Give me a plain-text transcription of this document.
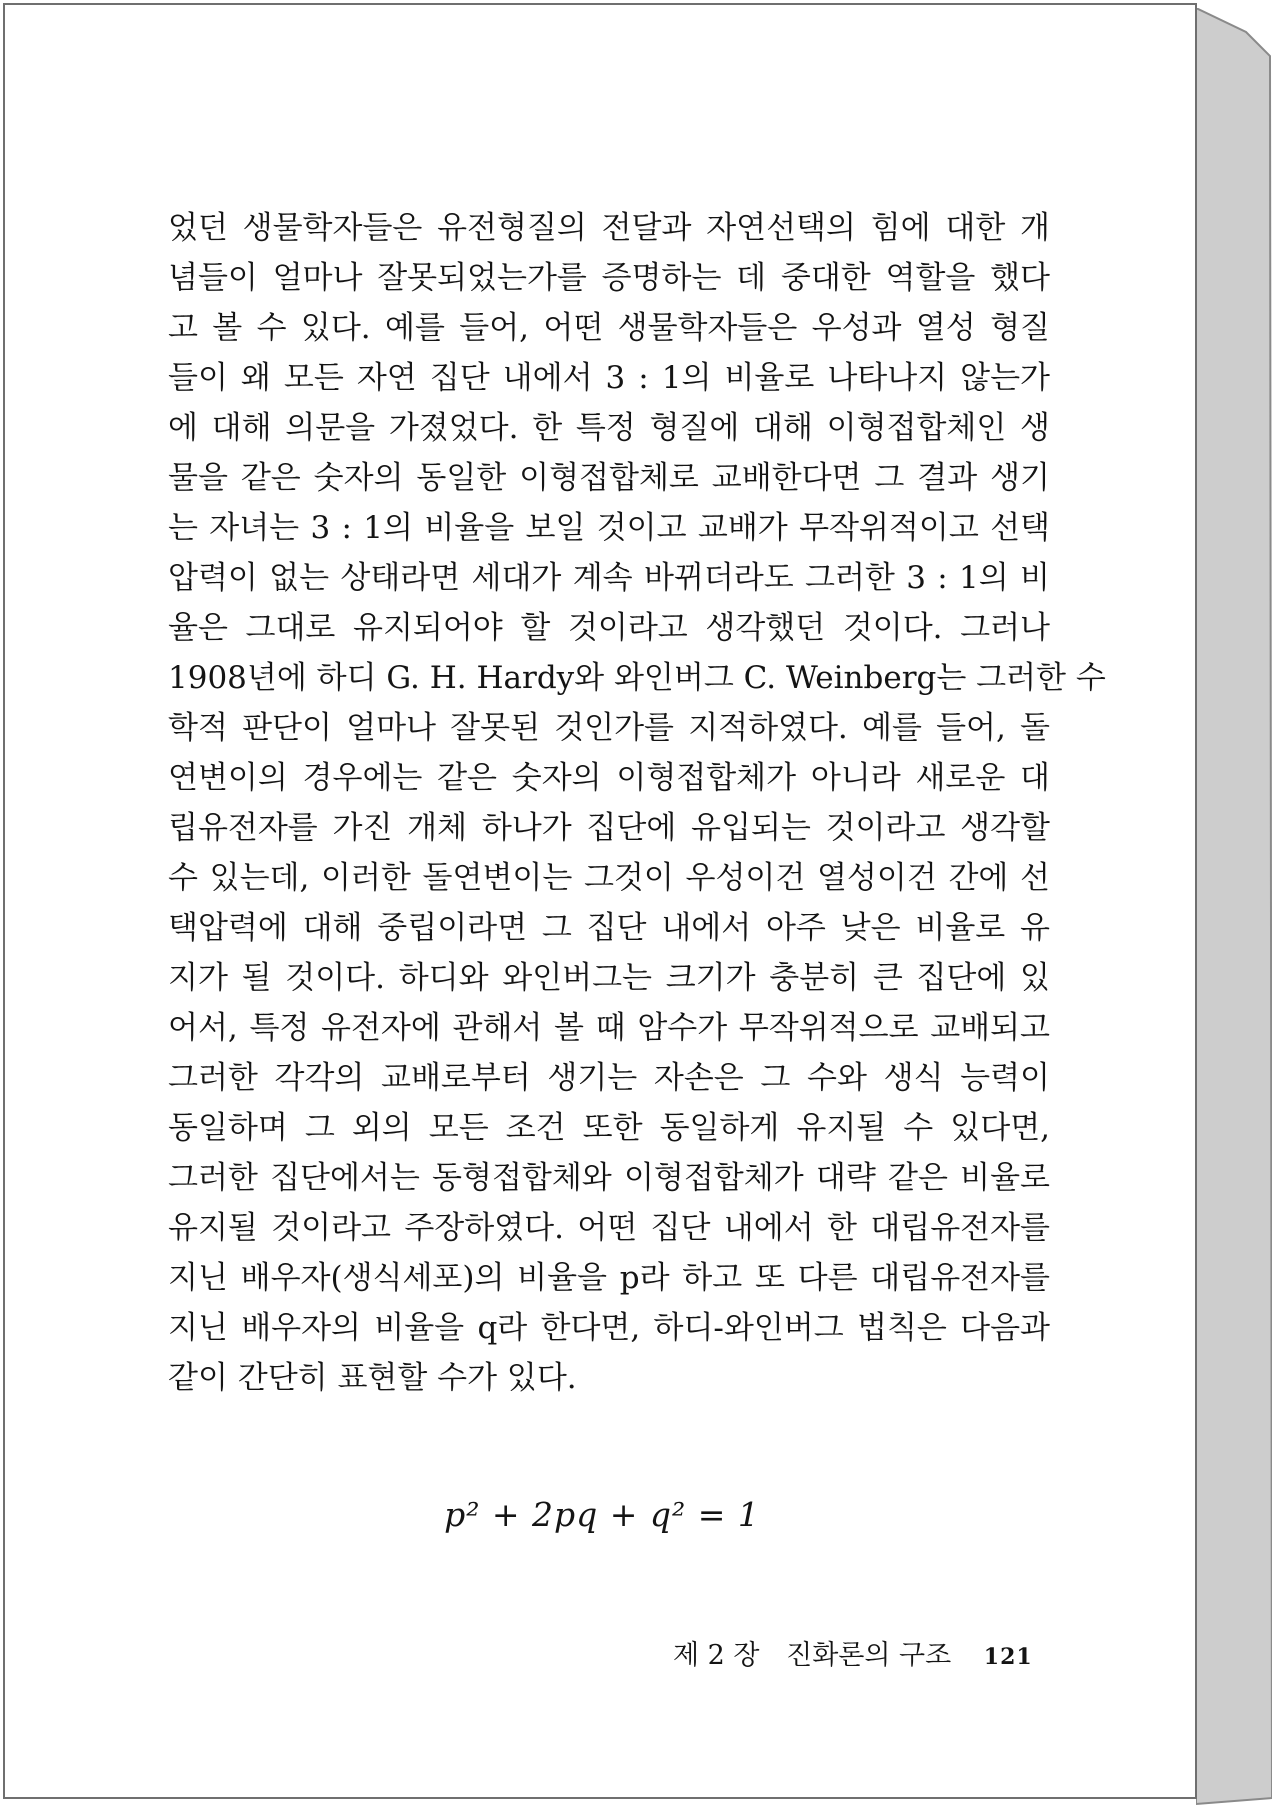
었던 생물학자들은 유전형질의 전달과 자연선택의 힘에 대한 개
념들이 얼마나 잘못되었는가를 증명하는 데 중대한 역할을 했다
고 볼 수 있다. 예를 들어, 어떤 생물학자들은 우성과 열성 형질
들이 왜 모든 자연 집단 내에서 3 : 1의 비율로 나타나지 않는가
에 대해 의문을 가졌었다. 한 특정 형질에 대해 이형접합체인 생
물을 같은 숫자의 동일한 이형접합체로 교배한다면 그 결과 생기
는 자녀는 3 : 1의 비율을 보일 것이고 교배가 무작위적이고 선택
압력이 없는 상태라면 세대가 계속 바뀌더라도 그러한 3 : 1의 비
율은 그대로 유지되어야 할 것이라고 생각했던 것이다. 그러나
1908년에 하디 G. H. Hardy와 와인버그 C. Weinberg는 그러한 수
학적 판단이 얼마나 잘못된 것인가를 지적하였다. 예를 들어, 돌
연변이의 경우에는 같은 숫자의 이형접합체가 아니라 새로운 대
립유전자를 가진 개체 하나가 집단에 유입되는 것이라고 생각할
수 있는데, 이러한 돌연변이는 그것이 우성이건 열성이건 간에 선
택압력에 대해 중립이라면 그 집단 내에서 아주 낮은 비율로 유
지가 될 것이다. 하디와 와인버그는 크기가 충분히 큰 집단에 있
어서, 특정 유전자에 관해서 볼 때 암수가 무작위적으로 교배되고
그러한 각각의 교배로부터 생기는 자손은 그 수와 생식 능력이
동일하며 그 외의 모든 조건 또한 동일하게 유지될 수 있다면,
그러한 집단에서는 동형접합체와 이형접합체가 대략 같은 비율로
유지될 것이라고 주장하였다. 어떤 집단 내에서 한 대립유전자를
지닌 배우자(생식세포)의 비율을 p라 하고 또 다른 대립유전자를
지닌 배우자의 비율을 q라 한다면, 하디-와인버그 법칙은 다음과
같이 간단히 표현할 수가 있다.
p² + 2pq + q² = 1
제 2 장 진화론의 구조 121
